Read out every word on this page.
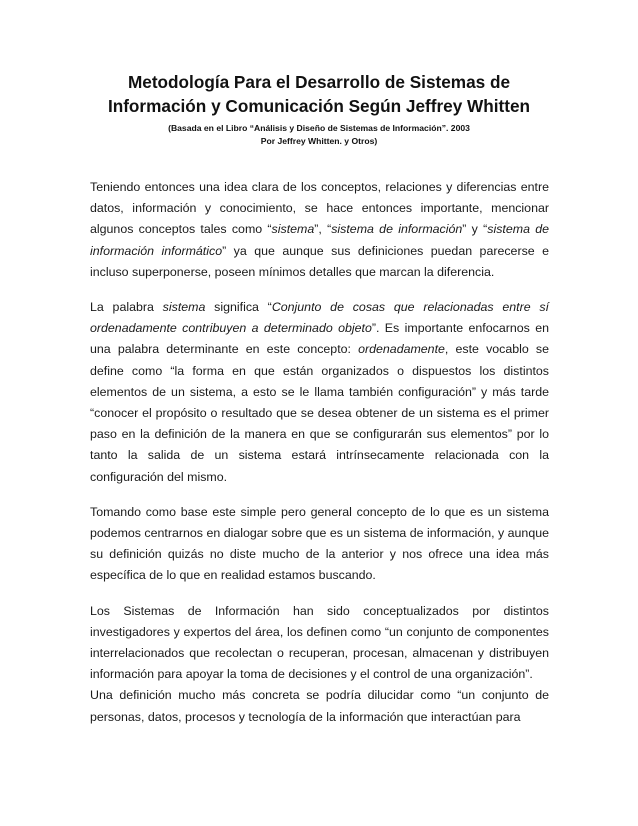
Metodología Para el Desarrollo de Sistemas de
Información y Comunicación Según Jeffrey Whitten
(Basada en el Libro “Análisis y Diseño de Sistemas de Información”. 2003
Por Jeffrey Whitten. y Otros)

Teniendo entonces una idea clara de los conceptos, relaciones y diferencias entre datos, información y conocimiento, se hace entonces importante, mencionar algunos conceptos tales como “sistema”, “sistema de información” y “sistema de información informático” ya que aunque sus definiciones puedan parecerse e incluso superponerse, poseen mínimos detalles que marcan la diferencia.

La palabra sistema significa “Conjunto de cosas que relacionadas entre sí ordenadamente contribuyen a determinado objeto”. Es importante enfocarnos en una palabra determinante en este concepto: ordenadamente, este vocablo se define como “la forma en que están organizados o dispuestos los distintos elementos de un sistema, a esto se le llama también configuración” y más tarde “conocer el propósito o resultado que se desea obtener de un sistema es el primer paso en la definición de la manera en que se configurarán sus elementos” por lo tanto la salida de un sistema estará intrínsecamente relacionada con la configuración del mismo.

Tomando como base este simple pero general concepto de lo que es un sistema podemos centrarnos en dialogar sobre que es un sistema de información, y aunque su definición quizás no diste mucho de la anterior y nos ofrece una idea más específica de lo que en realidad estamos buscando.

Los Sistemas de Información han sido conceptualizados por distintos investigadores y expertos del área, los definen como “un conjunto de componentes interrelacionados que recolectan o recuperan, procesan, almacenan y distribuyen información para apoyar la toma de decisiones y el control de una organización”.

Una definición mucho más concreta se podría dilucidar como “un conjunto de personas, datos, procesos y tecnología de la información que interactúan para
